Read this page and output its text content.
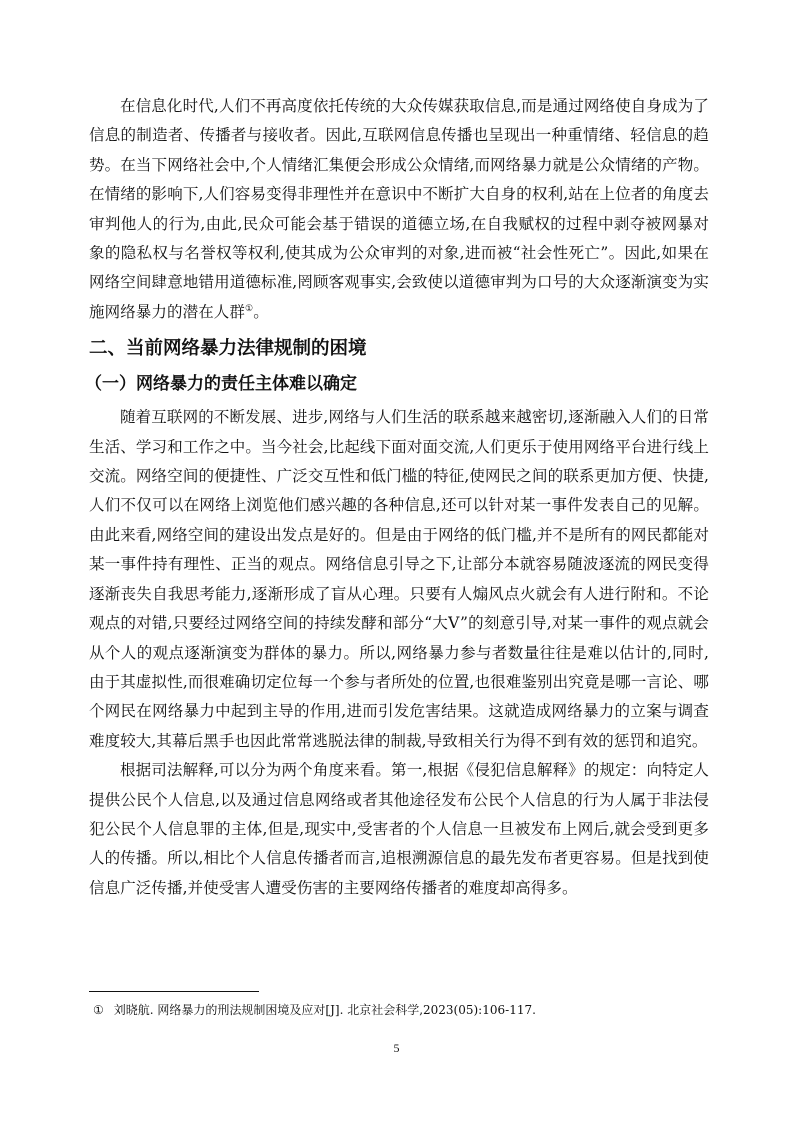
在信息化时代,人们不再高度依托传统的大众传媒获取信息,而是通过网络使自身成为了信息的制造者、传播者与接收者。因此,互联网信息传播也呈现出一种重情绪、轻信息的趋势。在当下网络社会中,个人情绪汇集便会形成公众情绪,而网络暴力就是公众情绪的产物。在情绪的影响下,人们容易变得非理性并在意识中不断扩大自身的权利,站在上位者的角度去审判他人的行为,由此,民众可能会基于错误的道德立场,在自我赋权的过程中剥夺被网暴对象的隐私权与名誉权等权利,使其成为公众审判的对象,进而被“社会性死亡”。因此,如果在网络空间肆意地错用道德标准,罔顾客观事实,会致使以道德审判为口号的大众逐渐演变为实施网络暴力的潜在人群①。

二、当前网络暴力法律规制的困境
（一）网络暴力的责任主体难以确定

随着互联网的不断发展、进步,网络与人们生活的联系越来越密切,逐渐融入人们的日常生活、学习和工作之中。当今社会,比起线下面对面交流,人们更乐于使用网络平台进行线上交流。网络空间的便捷性、广泛交互性和低门槛的特征,使网民之间的联系更加方便、快捷,人们不仅可以在网络上浏览他们感兴趣的各种信息,还可以针对某一事件发表自己的见解。由此来看,网络空间的建设出发点是好的。但是由于网络的低门槛,并不是所有的网民都能对某一事件持有理性、正当的观点。网络信息引导之下,让部分本就容易随波逐流的网民变得逐渐丧失自我思考能力,逐渐形成了盲从心理。只要有人煽风点火就会有人进行附和。不论观点的对错,只要经过网络空间的持续发酵和部分“大V”的刻意引导,对某一事件的观点就会从个人的观点逐渐演变为群体的暴力。所以,网络暴力参与者数量往往是难以估计的,同时,由于其虚拟性,而很难确切定位每一个参与者所处的位置,也很难鉴别出究竟是哪一言论、哪个网民在网络暴力中起到主导的作用,进而引发危害结果。这就造成网络暴力的立案与调查难度较大,其幕后黑手也因此常常逃脱法律的制裁,导致相关行为得不到有效的惩罚和追究。

根据司法解释,可以分为两个角度来看。第一,根据《侵犯信息解释》的规定：向特定人提供公民个人信息,以及通过信息网络或者其他途径发布公民个人信息的行为人属于非法侵犯公民个人信息罪的主体,但是,现实中,受害者的个人信息一旦被发布上网后,就会受到更多人的传播。所以,相比个人信息传播者而言,追根溯源信息的最先发布者更容易。但是找到使信息广泛传播,并使受害人遭受伤害的主要网络传播者的难度却高得多。

① 刘晓航. 网络暴力的刑法规制困境及应对[J]. 北京社会科学,2023(05):106-117.
5
